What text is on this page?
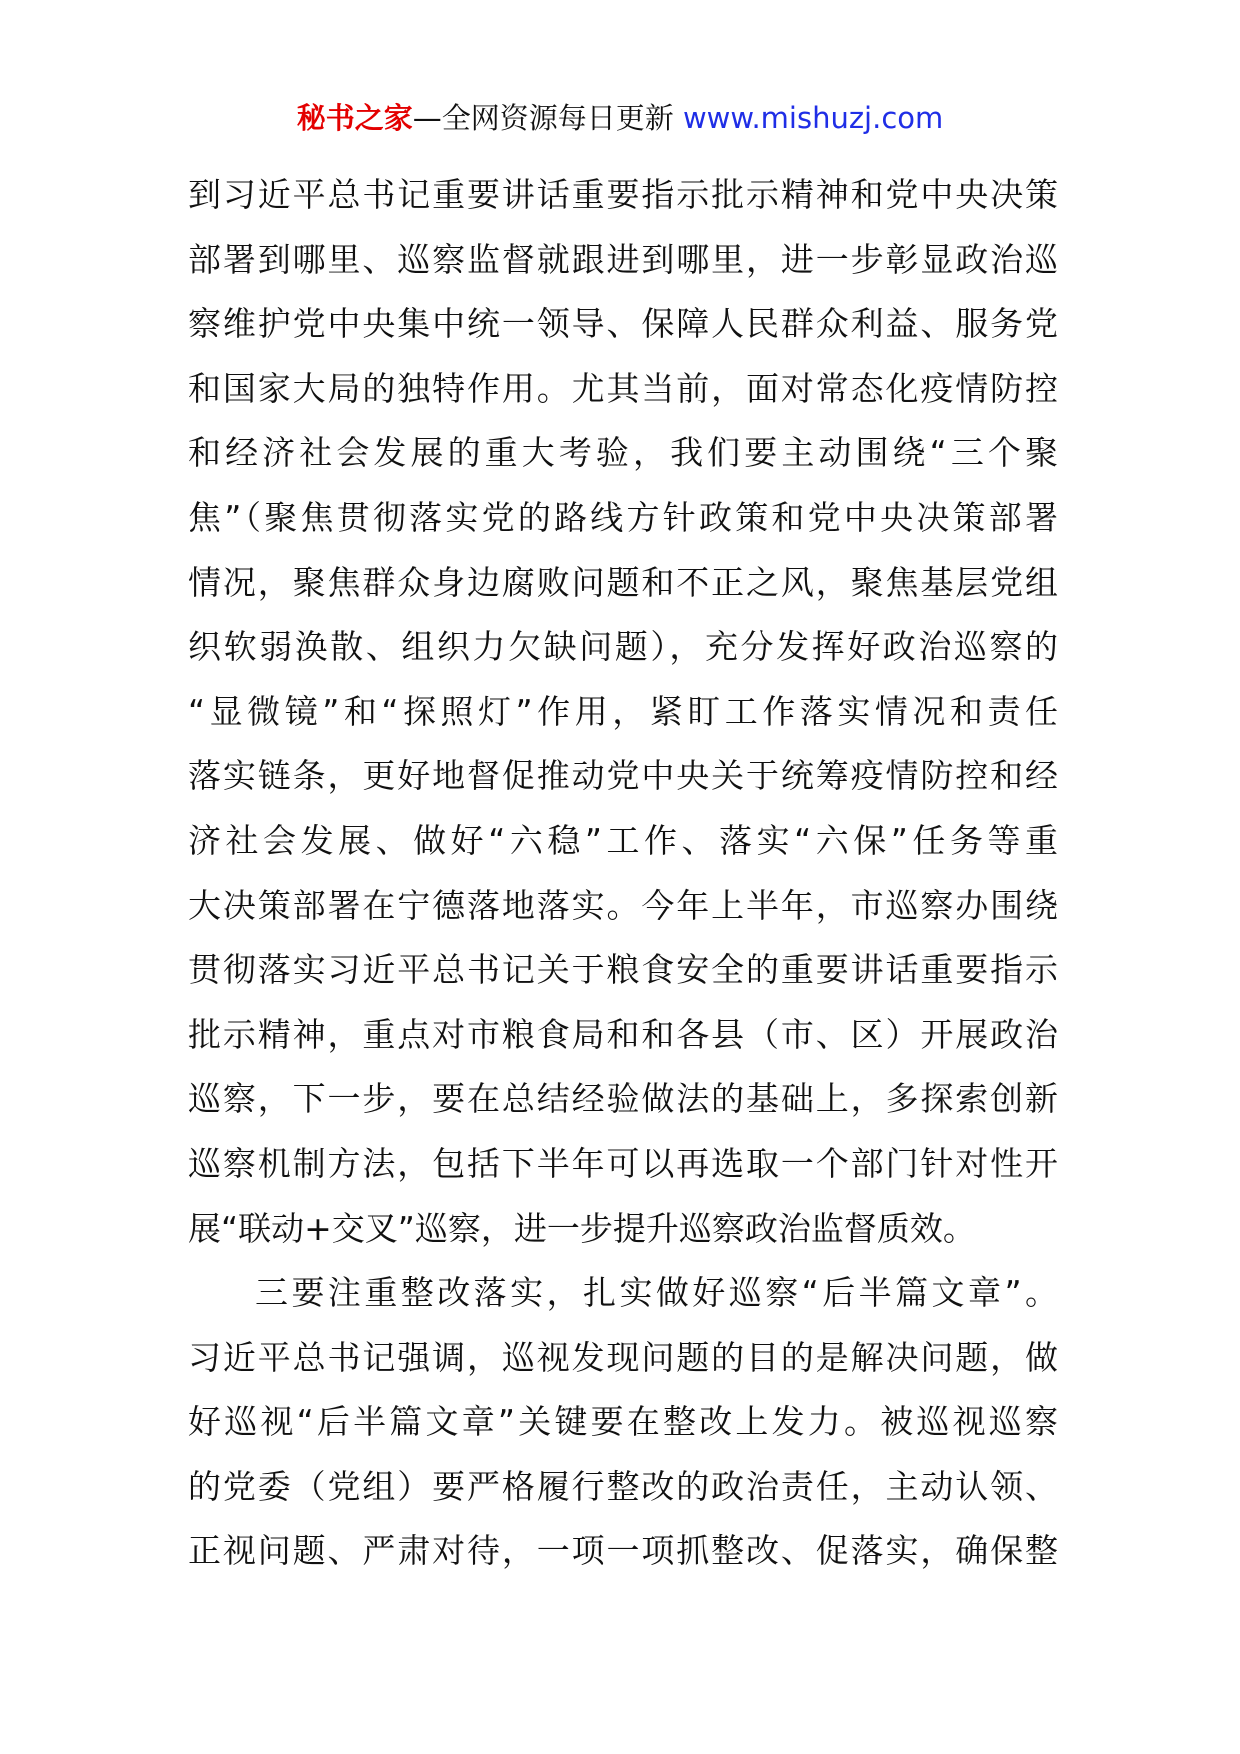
秘书之家—全网资源每日更新 www.mishuzj.com
到习近平总书记重要讲话重要指示批示精神和党中央决策
部署到哪里、巡察监督就跟进到哪里，进一步彰显政治巡
察维护党中央集中统一领导、保障人民群众利益、服务党
和国家大局的独特作用。尤其当前，面对常态化疫情防控
和经济社会发展的重大考验，我们要主动围绕“三个聚
焦”（聚焦贯彻落实党的路线方针政策和党中央决策部署
情况，聚焦群众身边腐败问题和不正之风，聚焦基层党组
织软弱涣散、组织力欠缺问题），充分发挥好政治巡察的
“显微镜”和“探照灯”作用，紧盯工作落实情况和责任
落实链条，更好地督促推动党中央关于统筹疫情防控和经
济社会发展、做好“六稳”工作、落实“六保”任务等重
大决策部署在宁德落地落实。今年上半年，市巡察办围绕
贯彻落实习近平总书记关于粮食安全的重要讲话重要指示
批示精神，重点对市粮食局和和各县（市、区）开展政治
巡察，下一步，要在总结经验做法的基础上，多探索创新
巡察机制方法，包括下半年可以再选取一个部门针对性开
展“联动+交叉”巡察，进一步提升巡察政治监督质效。
三要注重整改落实，扎实做好巡察“后半篇文章”。
习近平总书记强调，巡视发现问题的目的是解决问题，做
好巡视“后半篇文章”关键要在整改上发力。被巡视巡察
的党委（党组）要严格履行整改的政治责任，主动认领、
正视问题、严肃对待，一项一项抓整改、促落实，确保整
